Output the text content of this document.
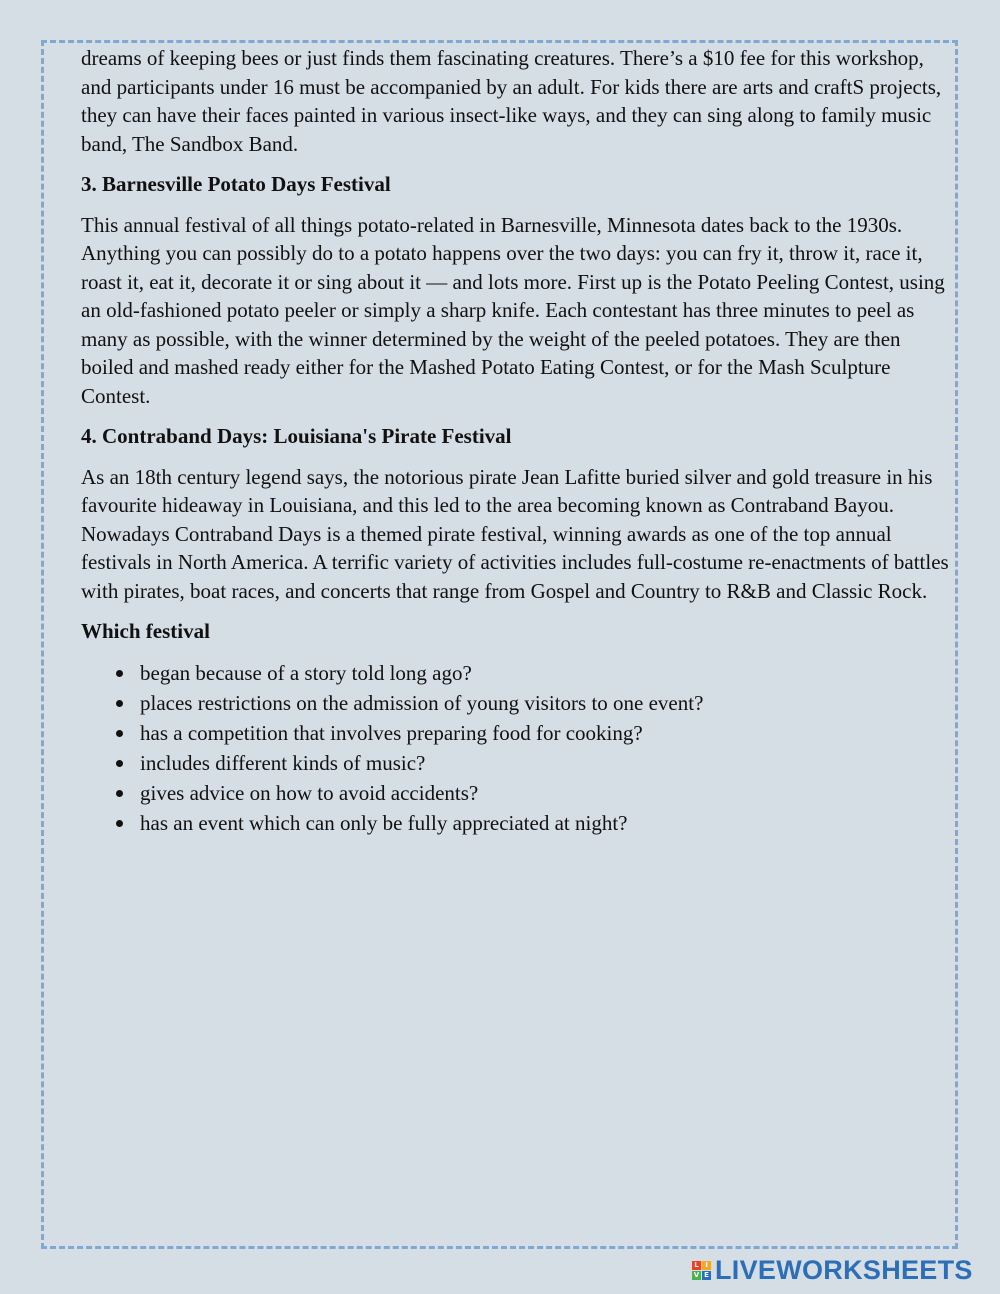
dreams of keeping bees or just finds them fascinating creatures. There’s a $10 fee for this workshop, and participants under 16 must be accompanied by an adult. For kids there are arts and craftS projects, they can have their faces painted in various insect-like ways, and they can sing along to family music band, The Sandbox Band.

3. Barnesville Potato Days Festival

This annual festival of all things potato-related in Barnesville, Minnesota dates back to the 1930s. Anything you can possibly do to a potato happens over the two days: you can fry it, throw it, race it, roast it, eat it, decorate it or sing about it — and lots more. First up is the Potato Peeling Contest, using an old-fashioned potato peeler or simply a sharp knife. Each contestant has three minutes to peel as many as possible, with the winner determined by the weight of the peeled potatoes. They are then boiled and mashed ready either for the Mashed Potato Eating Contest, or for the Mash Sculpture Contest.

4. Contraband Days: Louisiana's Pirate Festival

As an 18th century legend says, the notorious pirate Jean Lafitte buried silver and gold treasure in his favourite hideaway in Louisiana, and this led to the area becoming known as Contraband Bayou. Nowadays Contraband Days is a themed pirate festival, winning awards as one of the top annual festivals in North America. A terrific variety of activities includes full-costume re-enactments of battles with pirates, boat races, and concerts that range from Gospel and Country to R&B and Classic Rock.

Which festival
began because of a story told long ago?
places restrictions on the admission of young visitors to one event?
has a competition that involves preparing food for cooking?
includes different kinds of music?
gives advice on how to avoid accidents?
has an event which can only be fully appreciated at night?
L I
V E LIVEWORKSHEETS
